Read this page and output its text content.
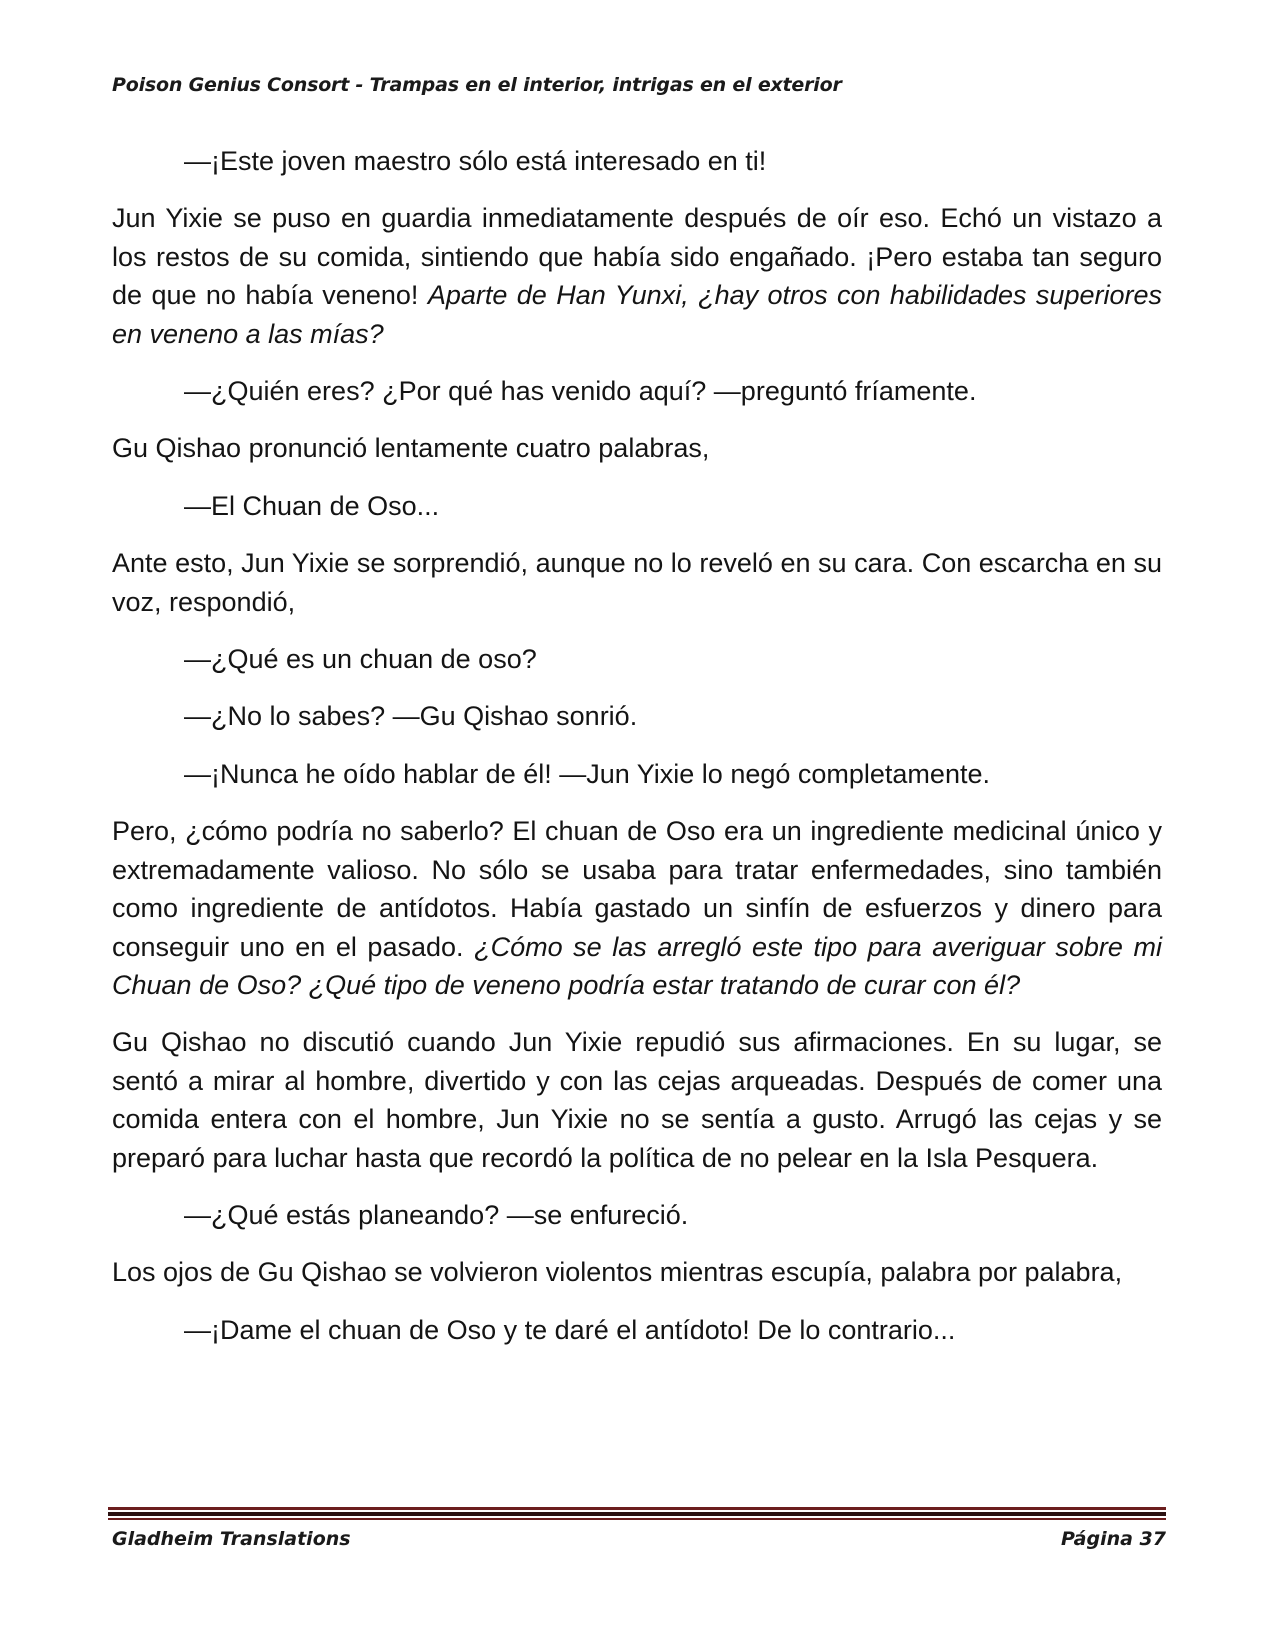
Poison Genius Consort - Trampas en el interior, intrigas en el exterior

—¡Este joven maestro sólo está interesado en ti!

Jun Yixie se puso en guardia inmediatamente después de oír eso. Echó un vistazo a los restos de su comida, sintiendo que había sido engañado. ¡Pero estaba tan seguro de que no había veneno! Aparte de Han Yunxi, ¿hay otros con habilidades superiores en veneno a las mías?

—¿Quién eres? ¿Por qué has venido aquí? —preguntó fríamente.

Gu Qishao pronunció lentamente cuatro palabras,

—El Chuan de Oso...

Ante esto, Jun Yixie se sorprendió, aunque no lo reveló en su cara. Con escarcha en su voz, respondió,

—¿Qué es un chuan de oso?

—¿No lo sabes? —Gu Qishao sonrió.

—¡Nunca he oído hablar de él! —Jun Yixie lo negó completamente.

Pero, ¿cómo podría no saberlo? El chuan de Oso era un ingrediente medicinal único y extremadamente valioso. No sólo se usaba para tratar enfermedades, sino también como ingrediente de antídotos. Había gastado un sinfín de esfuerzos y dinero para conseguir uno en el pasado. ¿Cómo se las arregló este tipo para averiguar sobre mi Chuan de Oso? ¿Qué tipo de veneno podría estar tratando de curar con él?

Gu Qishao no discutió cuando Jun Yixie repudió sus afirmaciones. En su lugar, se sentó a mirar al hombre, divertido y con las cejas arqueadas. Después de comer una comida entera con el hombre, Jun Yixie no se sentía a gusto. Arrugó las cejas y se preparó para luchar hasta que recordó la política de no pelear en la Isla Pesquera.

—¿Qué estás planeando? —se enfureció.

Los ojos de Gu Qishao se volvieron violentos mientras escupía, palabra por palabra,

—¡Dame el chuan de Oso y te daré el antídoto! De lo contrario...

Gladheim Translations	Página 37
